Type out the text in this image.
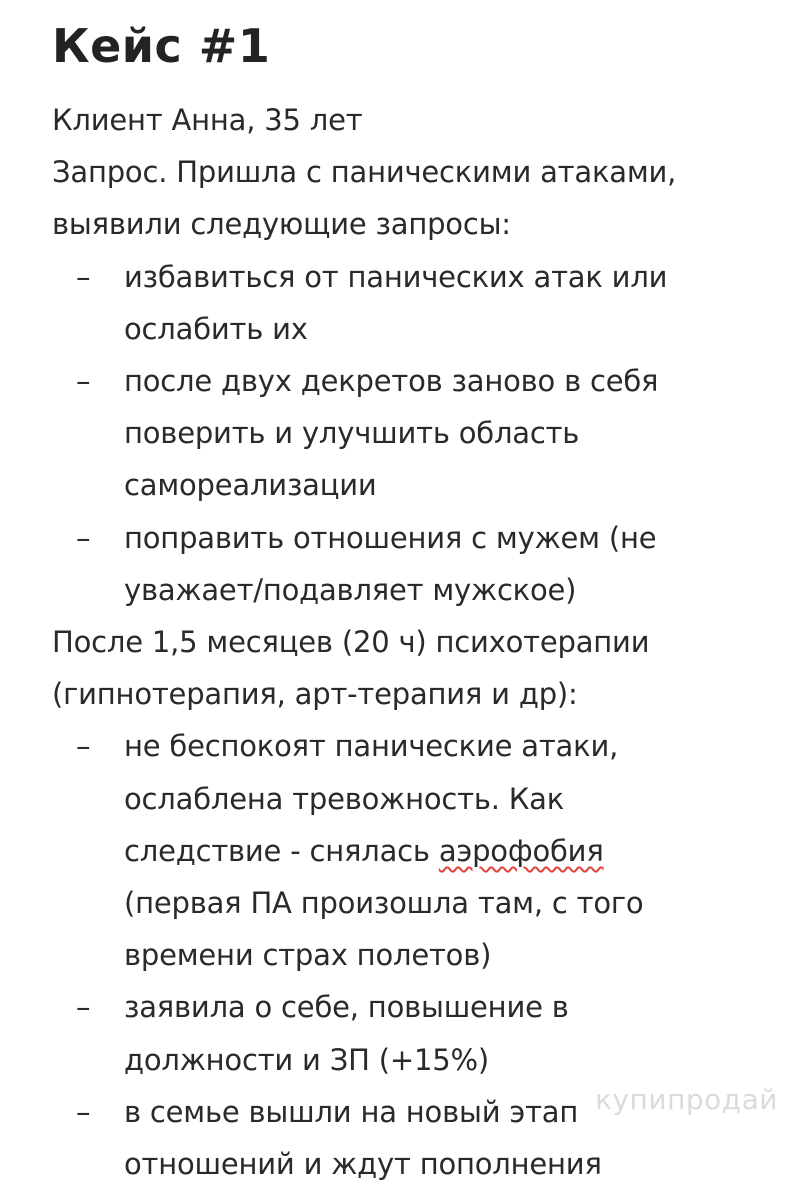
Кейс #1

Клиент Анна, 35 лет

Запрос. Пришла с паническими атаками,
выявили следующие запросы:

– избавиться от панических атак или
ослабить их
– после двух декретов заново в себя
поверить и улучшить область
самореализации
– поправить отношения с мужем (не
уважает/подавляет мужское)

После 1,5 месяцев (20 ч) психотерапии
(гипнотерапия, арт-терапия и др):

– не беспокоят панические атаки,
ослаблена тревожность. Как
следствие - снялась аэрофобия
(первая ПА произошла там, с того
времени страх полетов)
– заявила о себе, повышение в
должности и ЗП (+15%)
– в семье вышли на новый этап
отношений и ждут пополнения
купипродай
